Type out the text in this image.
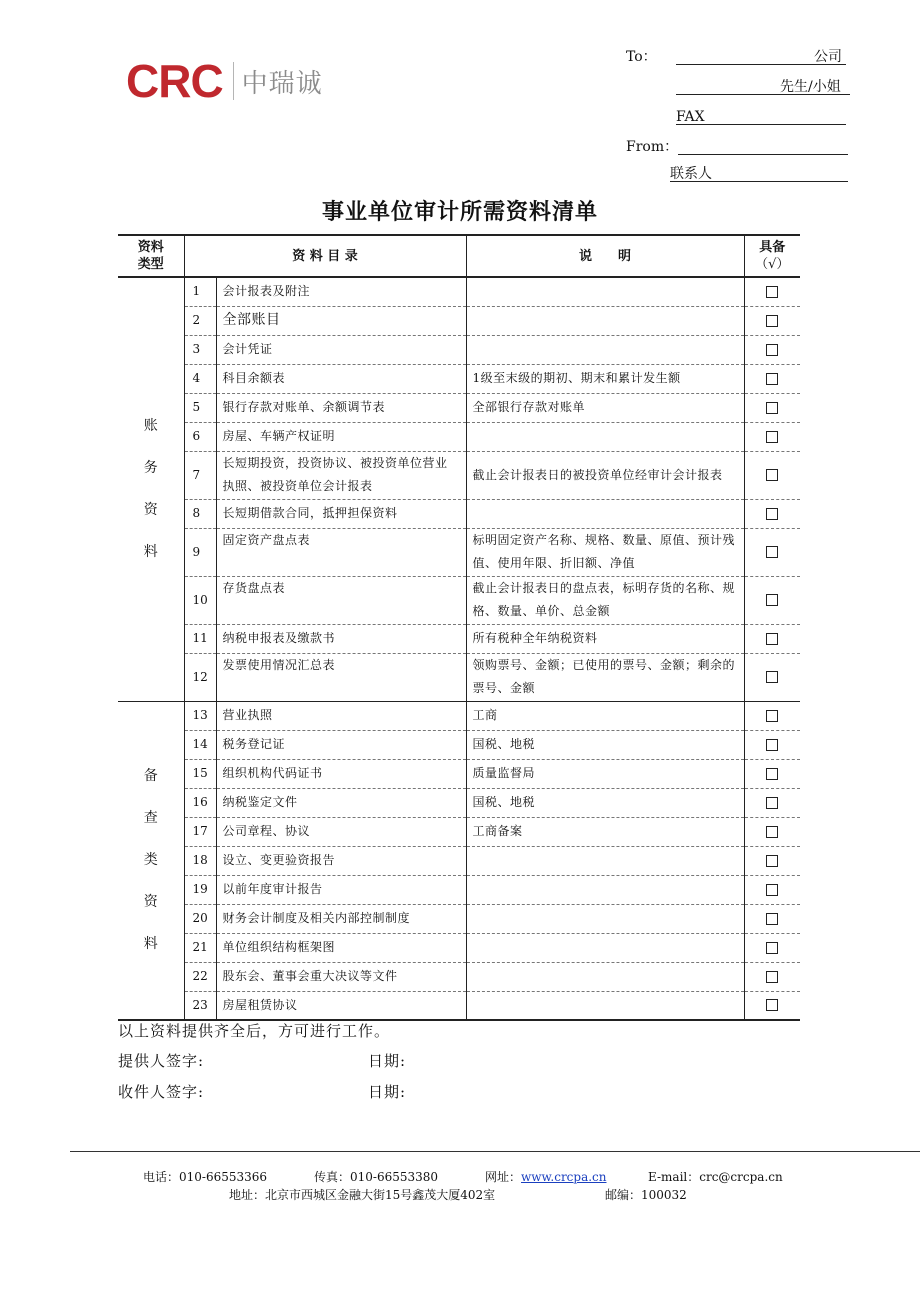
CRC 中瑞诚
To：	公司
先生/小姐
FAX
From：
联系人
事业单位审计所需资料清单
资料类型	资 料 目 录		说　　明	具备
（√）

账
务
资
料	1	会计报表及附注		
	2	全部账目		
	3	会计凭证		
	4	科目余额表	1级至末级的期初、期末和累计发生额	
	5	银行存款对账单、余额调节表	全部银行存款对账单	
	6	房屋、车辆产权证明		
	7	长短期投资，投资协议、被投资单位营业执照、被投资单位会计报表	截止会计报表日的被投资单位经审计会计报表	
	8	长短期借款合同，抵押担保资料		
	9	固定资产盘点表	标明固定资产名称、规格、数量、原值、预计残值、使用年限、折旧额、净值	
	10	存货盘点表	截止会计报表日的盘点表，标明存货的名称、规格、数量、单价、总金额	
	11	纳税申报表及缴款书	所有税种全年纳税资料	
	12	发票使用情况汇总表	领购票号、金额；已使用的票号、金额；剩余的票号、金额	

备
查
类
资
料	13	营业执照	工商	
	14	税务登记证	国税、地税	
	15	组织机构代码证书	质量监督局	
	16	纳税鉴定文件	国税、地税	
	17	公司章程、协议	工商备案	
	18	设立、变更验资报告		
	19	以前年度审计报告		
	20	财务会计制度及相关内部控制制度		
	21	单位组织结构框架图		
	22	股东会、董事会重大决议等文件		
	23	房屋租赁协议		
以上资料提供齐全后，方可进行工作。
提供人签字:	日期:
收件人签字:	日期:
电话：010-66553366	传真：010-66553380	网址：www.crcpa.cn	E-mail：crc@crcpa.cn
地址：北京市西城区金融大街15号鑫茂大厦402室	邮编：100032
